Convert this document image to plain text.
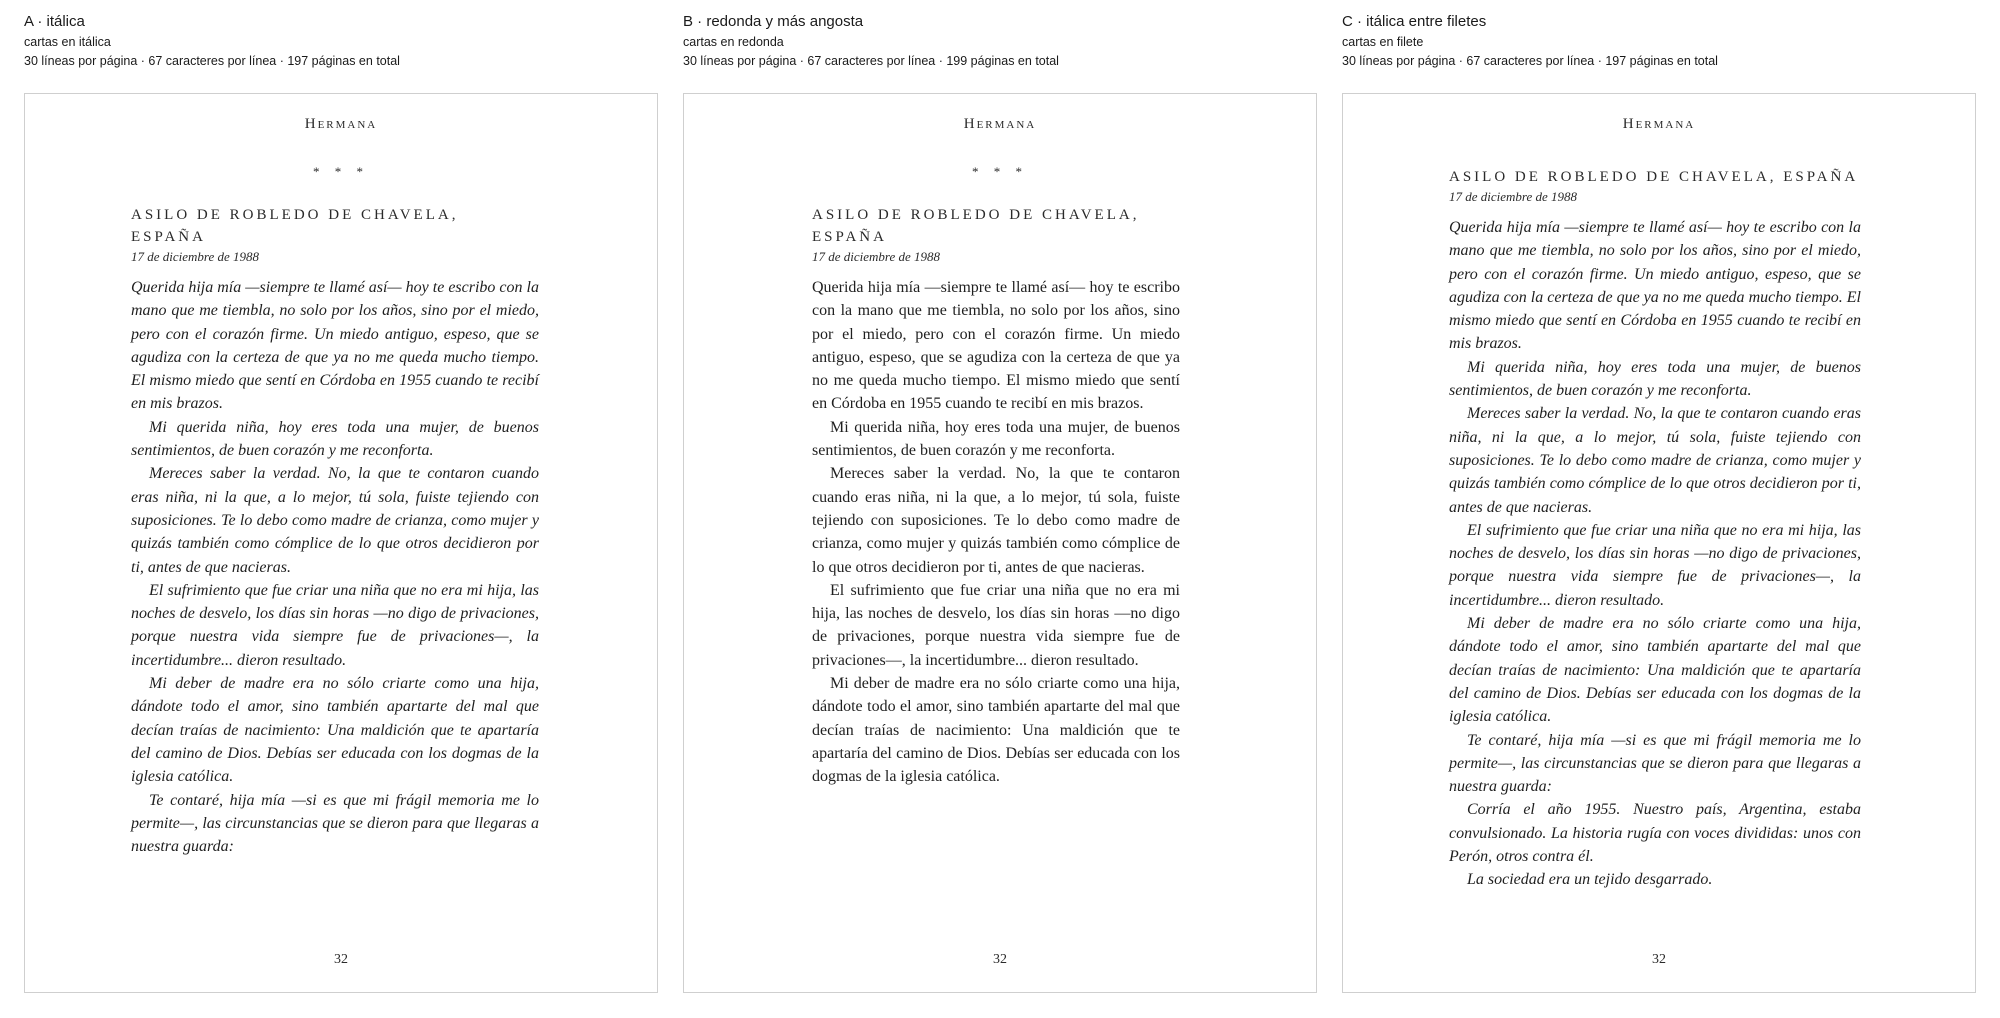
A · itálica
cartas en itálica
30 líneas por página · 67 caracteres por línea · 197 páginas en total
Hermana
* * *

ASILO DE ROBLEDO DE CHAVELA, ESPAÑA

17 de diciembre de 1988

Querida hija mía —siempre te llamé así— hoy te escribo con la mano que me tiembla, no solo por los años, sino por el miedo, pero con el corazón firme. Un miedo antiguo, espeso, que se agudiza con la certeza de que ya no me queda mucho tiempo. El mismo miedo que sentí en Córdoba en 1955 cuando te recibí en mis brazos.

Mi querida niña, hoy eres toda una mujer, de buenos sentimientos, de buen corazón y me reconforta.

Mereces saber la verdad. No, la que te contaron cuando eras niña, ni la que, a lo mejor, tú sola, fuiste tejiendo con suposiciones. Te lo debo como madre de crianza, como mujer y quizás también como cómplice de lo que otros decidieron por ti, antes de que nacieras.

El sufrimiento que fue criar una niña que no era mi hija, las noches de desvelo, los días sin horas —no digo de privaciones, porque nuestra vida siempre fue de privaciones—, la incertidumbre... dieron resultado.

Mi deber de madre era no sólo criarte como una hija, dándote todo el amor, sino también apartarte del mal que decían traías de nacimiento: Una maldición que te apartaría del camino de Dios. Debías ser educada con los dogmas de la iglesia católica.

Te contaré, hija mía —si es que mi frágil memoria me lo permite—, las circunstancias que se dieron para que llegaras a nuestra guarda:

32
B · redonda y más angosta
cartas en redonda
30 líneas por página · 67 caracteres por línea · 199 páginas en total
Hermana
* * *

ASILO DE ROBLEDO DE CHAVELA, ESPAÑA

17 de diciembre de 1988

Querida hija mía —siempre te llamé así— hoy te escribo con la mano que me tiembla, no solo por los años, sino por el miedo, pero con el corazón firme. Un miedo antiguo, espeso, que se agudiza con la certeza de que ya no me queda mucho tiempo. El mismo miedo que sentí en Córdoba en 1955 cuando te recibí en mis brazos.

Mi querida niña, hoy eres toda una mujer, de buenos sentimientos, de buen corazón y me reconforta.

Mereces saber la verdad. No, la que te contaron cuando eras niña, ni la que, a lo mejor, tú sola, fuiste tejiendo con suposiciones. Te lo debo como madre de crianza, como mujer y quizás también como cómplice de lo que otros decidieron por ti, antes de que nacieras.

El sufrimiento que fue criar una niña que no era mi hija, las noches de desvelo, los días sin horas —no digo de privaciones, porque nuestra vida siempre fue de privaciones—, la incertidumbre... dieron resultado.

Mi deber de madre era no sólo criarte como una hija, dándote todo el amor, sino también apartarte del mal que decían traías de nacimiento: Una maldición que te apartaría del camino de Dios. Debías ser educada con los dogmas de la iglesia católica.

32
C · itálica entre filetes
cartas en filete
30 líneas por página · 67 caracteres por línea · 197 páginas en total
Hermana

ASILO DE ROBLEDO DE CHAVELA, ESPAÑA

17 de diciembre de 1988

Querida hija mía —siempre te llamé así— hoy te escribo con la mano que me tiembla, no solo por los años, sino por el miedo, pero con el corazón firme. Un miedo antiguo, espeso, que se agudiza con la certeza de que ya no me queda mucho tiempo. El mismo miedo que sentí en Córdoba en 1955 cuando te recibí en mis brazos.

Mi querida niña, hoy eres toda una mujer, de buenos sentimientos, de buen corazón y me reconforta.

Mereces saber la verdad. No, la que te contaron cuando eras niña, ni la que, a lo mejor, tú sola, fuiste tejiendo con suposiciones. Te lo debo como madre de crianza, como mujer y quizás también como cómplice de lo que otros decidieron por ti, antes de que nacieras.

El sufrimiento que fue criar una niña que no era mi hija, las noches de desvelo, los días sin horas —no digo de privaciones, porque nuestra vida siempre fue de privaciones—, la incertidumbre... dieron resultado.

Mi deber de madre era no sólo criarte como una hija, dándote todo el amor, sino también apartarte del mal que decían traías de nacimiento: Una maldición que te apartaría del camino de Dios. Debías ser educada con los dogmas de la iglesia católica.

Te contaré, hija mía —si es que mi frágil memoria me lo permite—, las circunstancias que se dieron para que llegaras a nuestra guarda:

Corría el año 1955. Nuestro país, Argentina, estaba convulsionado. La historia rugía con voces divididas: unos con Perón, otros contra él.

La sociedad era un tejido desgarrado.

32
